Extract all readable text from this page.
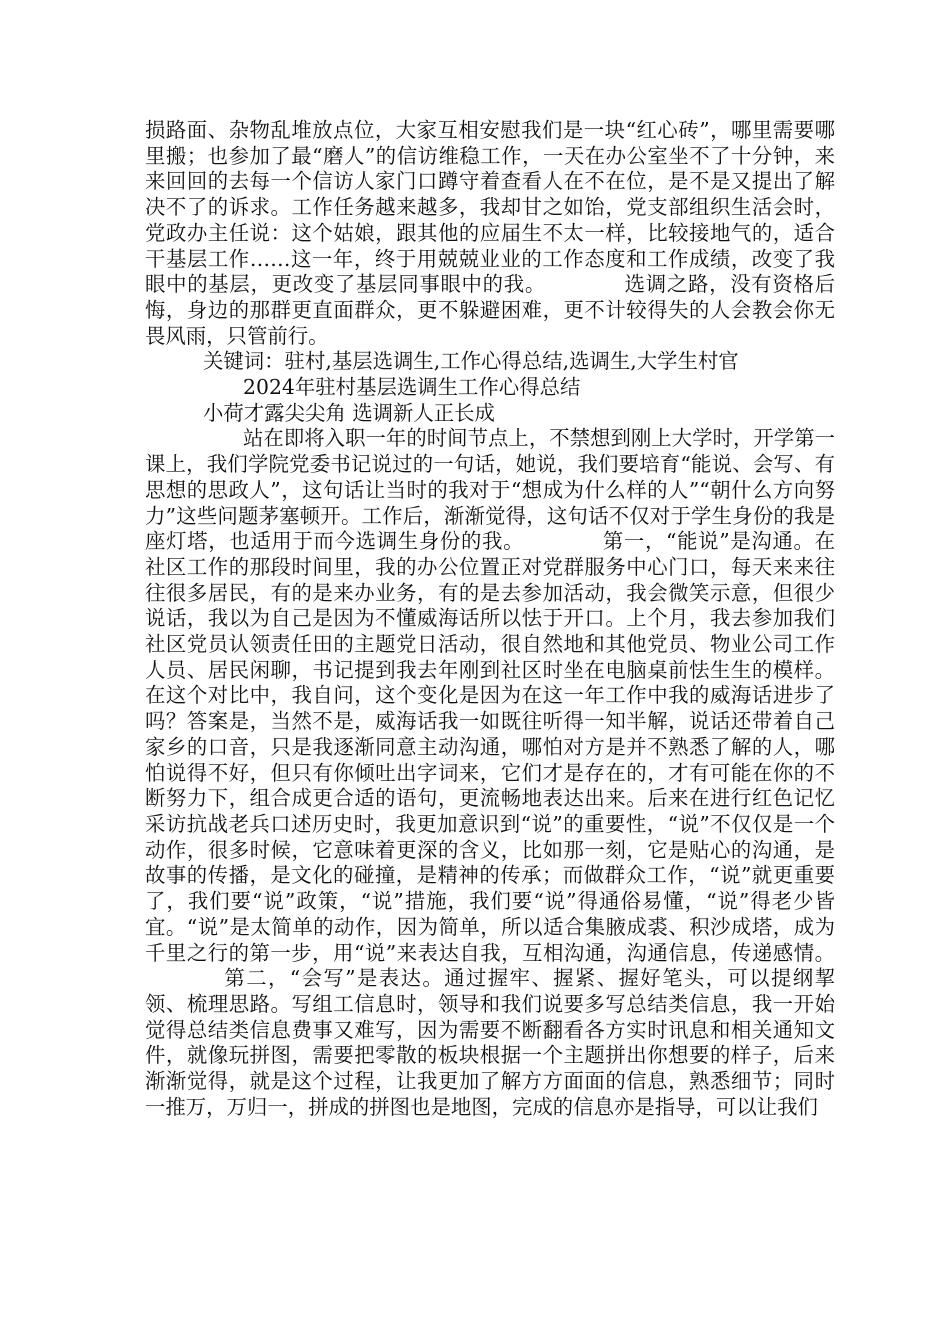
损路面、杂物乱堆放点位，大家互相安慰我们是一块“红心砖”，哪里需要哪里搬；也参加了最“磨人”的信访维稳工作，一天在办公室坐不了十分钟，来来回回的去每一个信访人家门口蹲守着查看人在不在位，是不是又提出了解决不了的诉求。工作任务越来越多，我却甘之如饴，党支部组织生活会时，党政办主任说：这个姑娘，跟其他的应届生不太一样，比较接地气的，适合干基层工作……这一年，终于用兢兢业业的工作态度和工作成绩，改变了我眼中的基层，更改变了基层同事眼中的我。	选调之路，没有资格后悔，身边的那群更直面群众，更不躲避困难，更不计较得失的人会教会你无畏风雨，只管前行。

关键词：驻村,基层选调生,工作心得总结,选调生,大学生村官

2024年驻村基层选调生工作心得总结

小荷才露尖尖角 选调新人正长成

站在即将入职一年的时间节点上，不禁想到刚上大学时，开学第一课上，我们学院党委书记说过的一句话，她说，我们要培育“能说、会写、有思想的思政人”，这句话让当时的我对于“想成为什么样的人”“朝什么方向努力”这些问题茅塞顿开。工作后，渐渐觉得，这句话不仅对于学生身份的我是座灯塔，也适用于而今选调生身份的我。	第一，“能说”是沟通。在社区工作的那段时间里，我的办公位置正对党群服务中心门口，每天来来往往很多居民，有的是来办业务，有的是去参加活动，我会微笑示意，但很少说话，我以为自己是因为不懂威海话所以怯于开口。上个月，我去参加我们社区党员认领责任田的主题党日活动，很自然地和其他党员、物业公司工作人员、居民闲聊，书记提到我去年刚到社区时坐在电脑桌前怯生生的模样。在这个对比中，我自问，这个变化是因为在这一年工作中我的威海话进步了吗？答案是，当然不是，威海话我一如既往听得一知半解，说话还带着自己家乡的口音，只是我逐渐同意主动沟通，哪怕对方是并不熟悉了解的人，哪怕说得不好，但只有你倾吐出字词来，它们才是存在的，才有可能在你的不断努力下，组合成更合适的语句，更流畅地表达出来。后来在进行红色记忆采访抗战老兵口述历史时，我更加意识到“说”的重要性，“说”不仅仅是一个动作，很多时候，它意味着更深的含义，比如那一刻，它是贴心的沟通，是故事的传播，是文化的碰撞，是精神的传承；而做群众工作，“说”就更重要了，我们要“说”政策，“说”措施，我们要“说”得通俗易懂，“说”得老少皆宜。“说”是太简单的动作，因为简单，所以适合集腋成裘、积沙成塔，成为千里之行的第一步，用“说”来表达自我，互相沟通，沟通信息，传递感情。第二，“会写”是表达。通过握牢、握紧、握好笔头，可以提纲挈领、梳理思路。写组工信息时，领导和我们说要多写总结类信息，我一开始觉得总结类信息费事又难写，因为需要不断翻看各方实时讯息和相关通知文件，就像玩拼图，需要把零散的板块根据一个主题拼出你想要的样子，后来渐渐觉得，就是这个过程，让我更加了解方方面面的信息，熟悉细节；同时一推万，万归一，拼成的拼图也是地图，完成的信息亦是指导，可以让我们
